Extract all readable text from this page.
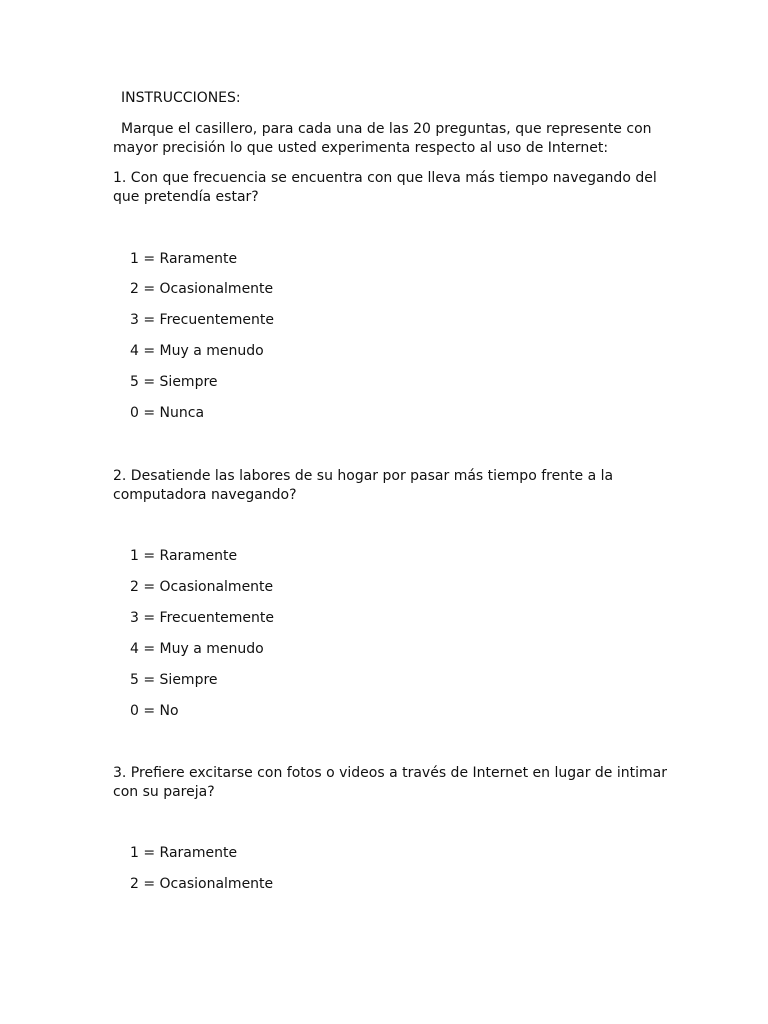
INSTRUCCIONES:

Marque el casillero, para cada una de las 20 preguntas, que represente con

mayor precisión lo que usted experimenta respecto al uso de Internet:

1. Con que frecuencia se encuentra con que lleva más tiempo navegando del

que pretendía estar?

1 = Raramente

2 = Ocasionalmente

3 = Frecuentemente

4 = Muy a menudo

5 = Siempre

0 = Nunca

2. Desatiende las labores de su hogar por pasar más tiempo frente a la

computadora navegando?

1 = Raramente

2 = Ocasionalmente

3 = Frecuentemente

4 = Muy a menudo

5 = Siempre

0 = No

3. Prefiere excitarse con fotos o videos a través de Internet en lugar de intimar

con su pareja?

1 = Raramente

2 = Ocasionalmente
